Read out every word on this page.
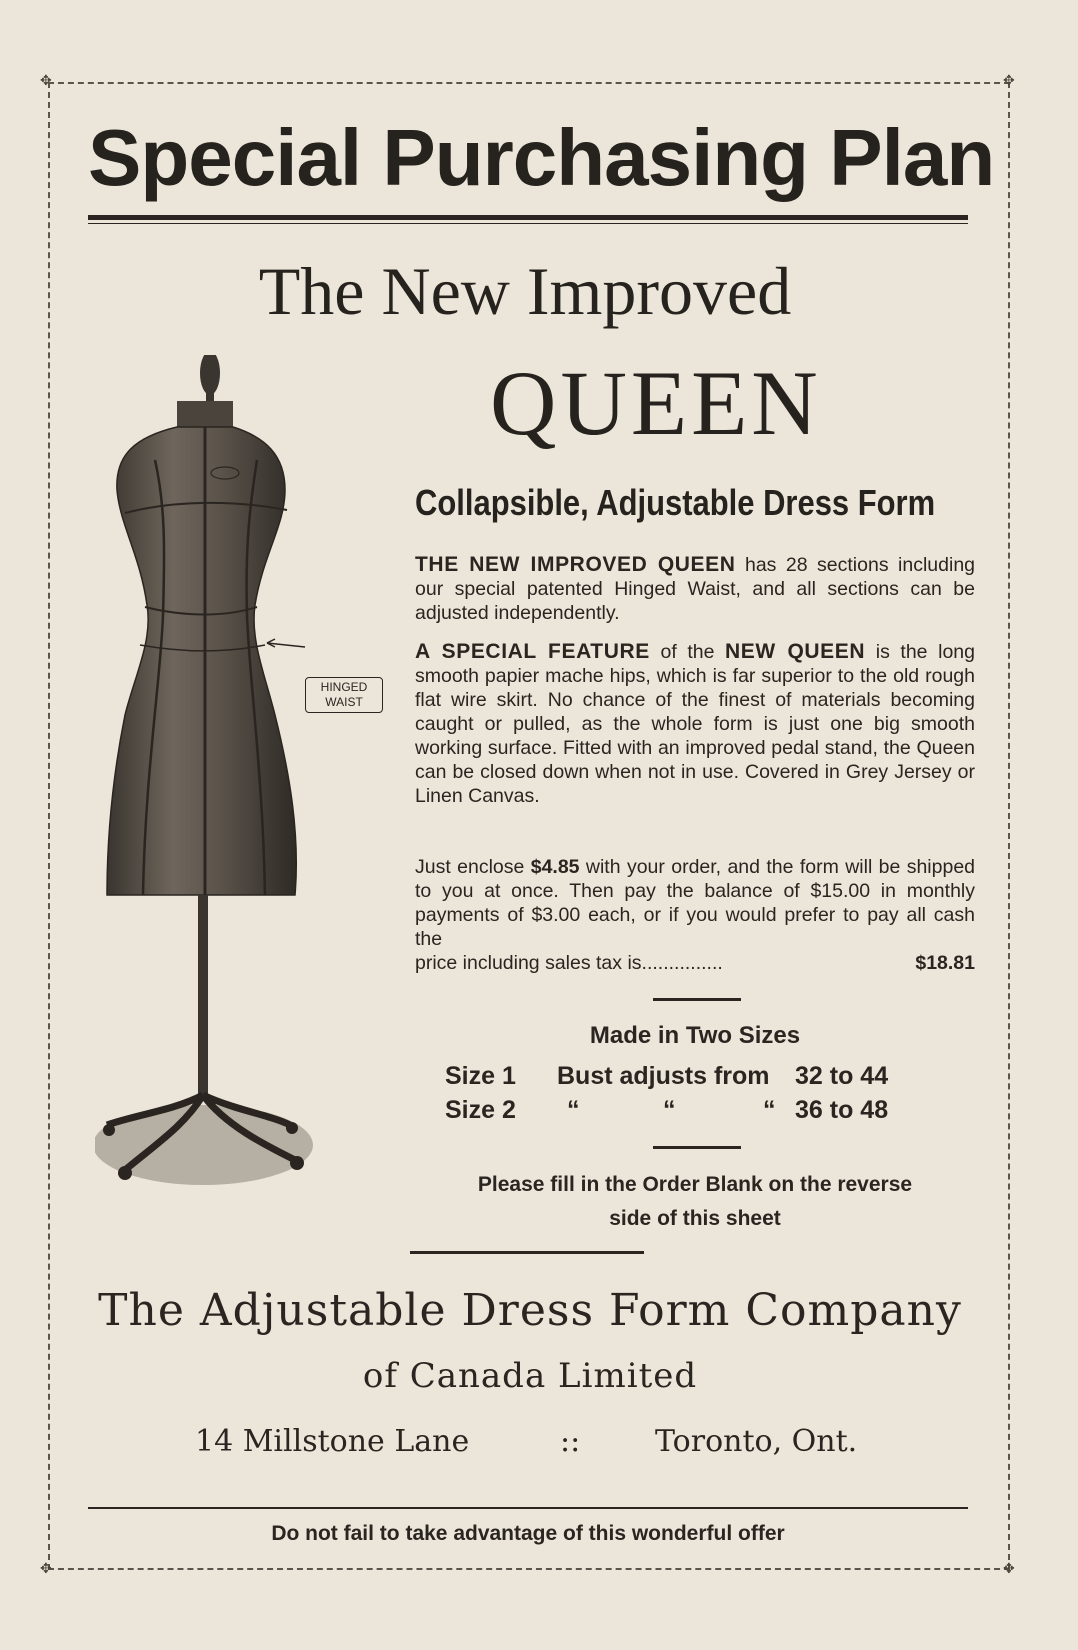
✥	✥
✥	✥
Special Purchasing Plan
The New Improved
QUEEN
Collapsible, Adjustable Dress Form
HINGED
WAIST
THE NEW IMPROVED QUEEN has 28 sections including our special patented Hinged Waist, and all sections can be adjusted independently.
A SPECIAL FEATURE of the NEW QUEEN is the long smooth papier mache hips, which is far superior to the old rough flat wire skirt. No chance of the finest of materials becoming caught or pulled, as the whole form is just one big smooth working surface. Fitted with an improved pedal stand, the Queen can be closed down when not in use. Covered in Grey Jersey or Linen Canvas.
Just enclose $4.85 with your order, and the form will be shipped to you at once. Then pay the balance of $15.00 in monthly payments of $3.00 each, or if you would prefer to pay all cash the
price including sales tax is...............	$18.81
Made in Two Sizes
Size 1 Bust adjusts from 32 to 44
Size 2 “	“	“ 36 to 48
Please fill in the Order Blank on the reverse
side of this sheet
The Adjustable Dress Form Company
of Canada Limited
14 Millstone Lane	:: Toronto, Ont.
Do not fail to take advantage of this wonderful offer
